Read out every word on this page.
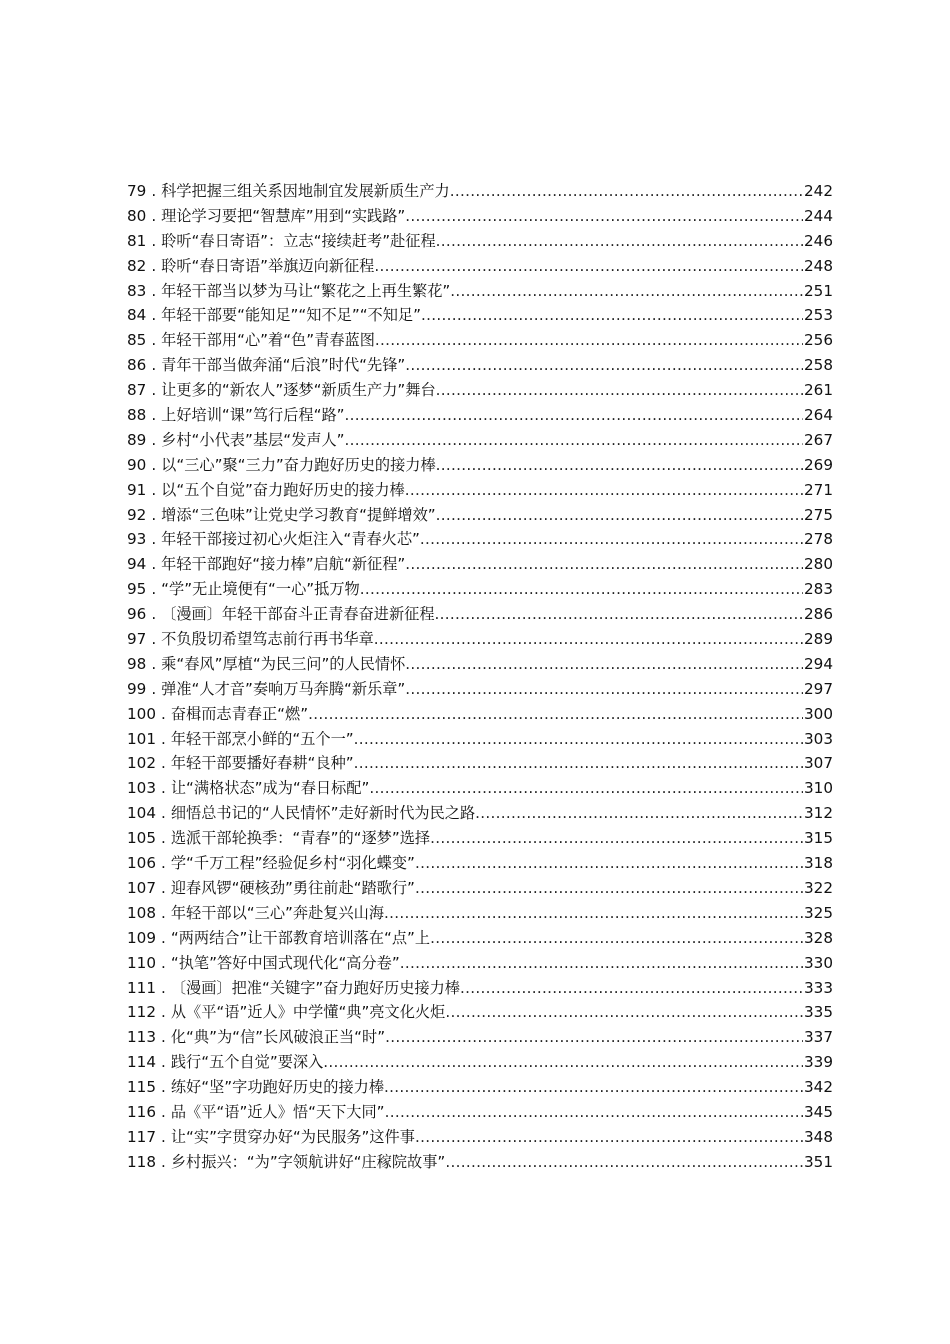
79 . 科学把握三组关系因地制宜发展新质生产力 .....	242
80 . 理论学习要把“智慧库”用到“实践路” .....	244
81 . 聆听“春日寄语”：立志“接续赶考”赴征程 .....	246
82 . 聆听“春日寄语”举旗迈向新征程 .....	248
83 . 年轻干部当以梦为马让“繁花之上再生繁花” .....	251
84 . 年轻干部要“能知足”“知不足”“不知足” .....	253
85 . 年轻干部用“心”着“色”青春蓝图 .....	256
86 . 青年干部当做奔涌“后浪”时代“先锋” .....	258
87 . 让更多的“新农人”逐梦“新质生产力”舞台 .....	261
88 . 上好培训“课”笃行后程“路” .....	264
89 . 乡村“小代表”基层“发声人” .....	267
90 . 以“三心”聚“三力”奋力跑好历史的接力棒 .....	269
91 . 以“五个自觉”奋力跑好历史的接力棒 .....	271
92 . 增添“三色味”让党史学习教育“提鲜增效” .....	275
93 . 年轻干部接过初心火炬注入“青春火芯” .....	278
94 . 年轻干部跑好“接力棒”启航“新征程” .....	280
95 . “学”无止境便有“一心”抵万物 .....	283
96 . 〔漫画〕年轻干部奋斗正青春奋进新征程 .....	286
97 . 不负殷切希望笃志前行再书华章 .....	289
98 . 乘“春风”厚植“为民三问”的人民情怀 .....	294
99 . 弹准“人才音”奏响万马奔腾“新乐章” .....	297
100 . 奋楫而志青春正“燃” .....	300
101 . 年轻干部烹小鲜的“五个一” .....	303
102 . 年轻干部要播好春耕“良种” .....	307
103 . 让“满格状态”成为“春日标配” .....	310
104 . 细悟总书记的“人民情怀”走好新时代为民之路 .....	312
105 . 选派干部轮换季：“青春”的“逐梦”选择 .....	315
106 . 学“千万工程”经验促乡村“羽化蝶变” .....	318
107 . 迎春风锣“硬核劲”勇往前赴“踏歌行” .....	322
108 . 年轻干部以“三心”奔赴复兴山海 .....	325
109 . “两两结合”让干部教育培训落在“点”上 .....	328
110 . “执笔”答好中国式现代化“高分卷” .....	330
111 . 〔漫画〕把准“关键字”奋力跑好历史接力棒 .....	333
112 . 从《平“语”近人》中学懂“典”亮文化火炬 .....	335
113 . 化“典”为“信”长风破浪正当“时” .....	337
114 . 践行“五个自觉”要深入 .....	339
115 . 练好“坚”字功跑好历史的接力棒 .....	342
116 . 品《平“语”近人》悟“天下大同” .....	345
117 . 让“实”字贯穿办好“为民服务”这件事 .....	348
118 . 乡村振兴：“为”字领航讲好“庄稼院故事” .....	351
